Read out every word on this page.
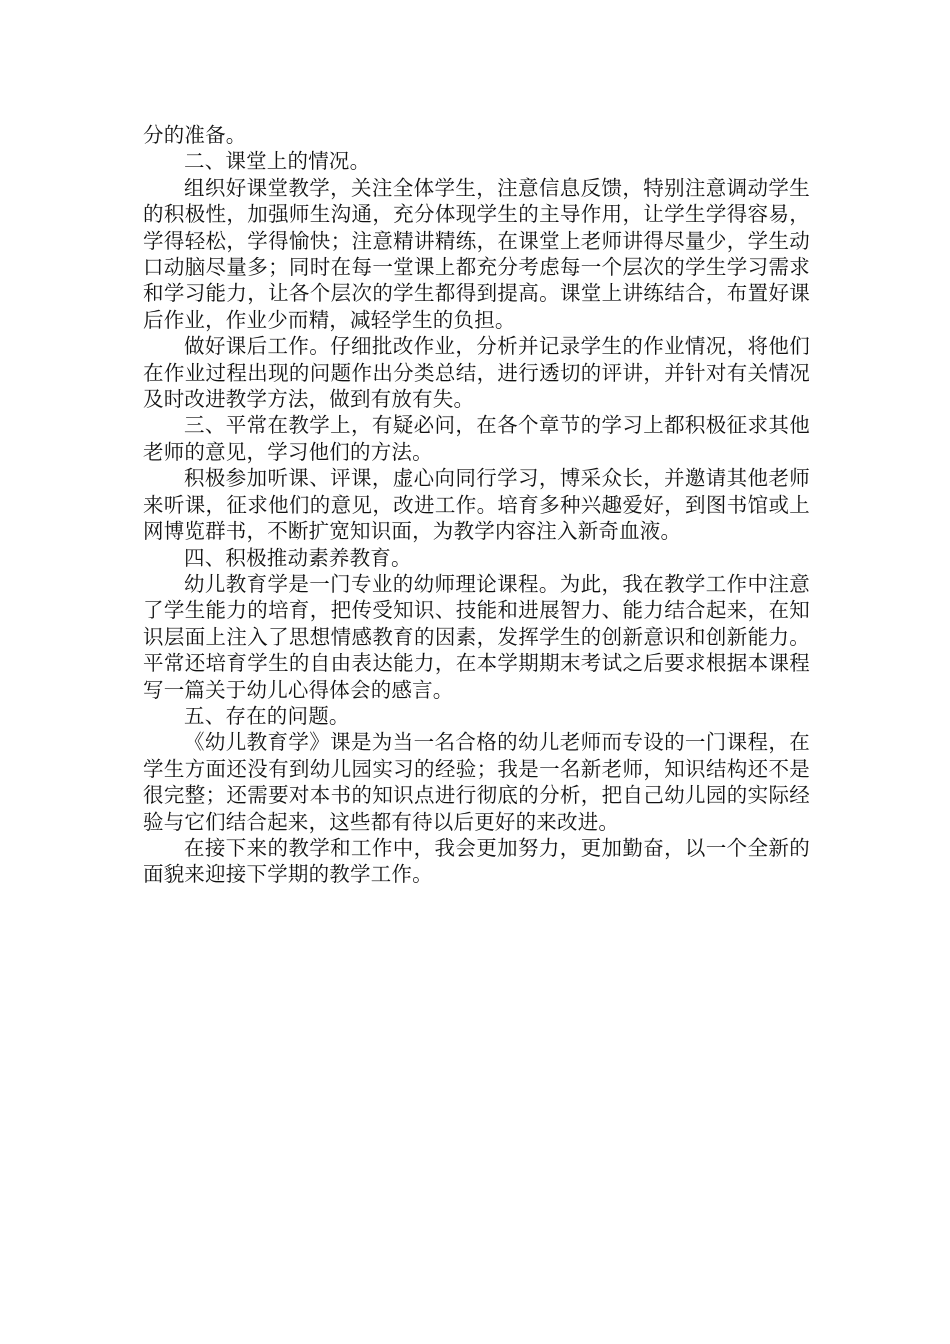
分的准备。

二、课堂上的情况。

组织好课堂教学，关注全体学生，注意信息反馈，特别注意调动学生的积极性，加强师生沟通，充分体现学生的主导作用，让学生学得容易，学得轻松，学得愉快；注意精讲精练，在课堂上老师讲得尽量少，学生动口动脑尽量多；同时在每一堂课上都充分考虑每一个层次的学生学习需求和学习能力，让各个层次的学生都得到提高。课堂上讲练结合，布置好课后作业，作业少而精，减轻学生的负担。

做好课后工作。仔细批改作业，分析并记录学生的作业情况，将他们在作业过程出现的问题作出分类总结，进行透切的评讲，并针对有关情况及时改进教学方法，做到有放有失。

三、平常在教学上，有疑必问，在各个章节的学习上都积极征求其他老师的意见，学习他们的方法。

积极参加听课、评课，虚心向同行学习，博采众长，并邀请其他老师来听课，征求他们的意见，改进工作。培育多种兴趣爱好，到图书馆或上网博览群书，不断扩宽知识面，为教学内容注入新奇血液。

四、积极推动素养教育。

幼儿教育学是一门专业的幼师理论课程。为此，我在教学工作中注意了学生能力的培育，把传受知识、技能和进展智力、能力结合起来，在知识层面上注入了思想情感教育的因素，发挥学生的创新意识和创新能力。平常还培育学生的自由表达能力，在本学期期末考试之后要求根据本课程写一篇关于幼儿心得体会的感言。

五、存在的问题。

《幼儿教育学》课是为当一名合格的幼儿老师而专设的一门课程，在学生方面还没有到幼儿园实习的经验；我是一名新老师，知识结构还不是很完整；还需要对本书的知识点进行彻底的分析，把自己幼儿园的实际经验与它们结合起来，这些都有待以后更好的来改进。

在接下来的教学和工作中，我会更加努力，更加勤奋，以一个全新的面貌来迎接下学期的教学工作。
